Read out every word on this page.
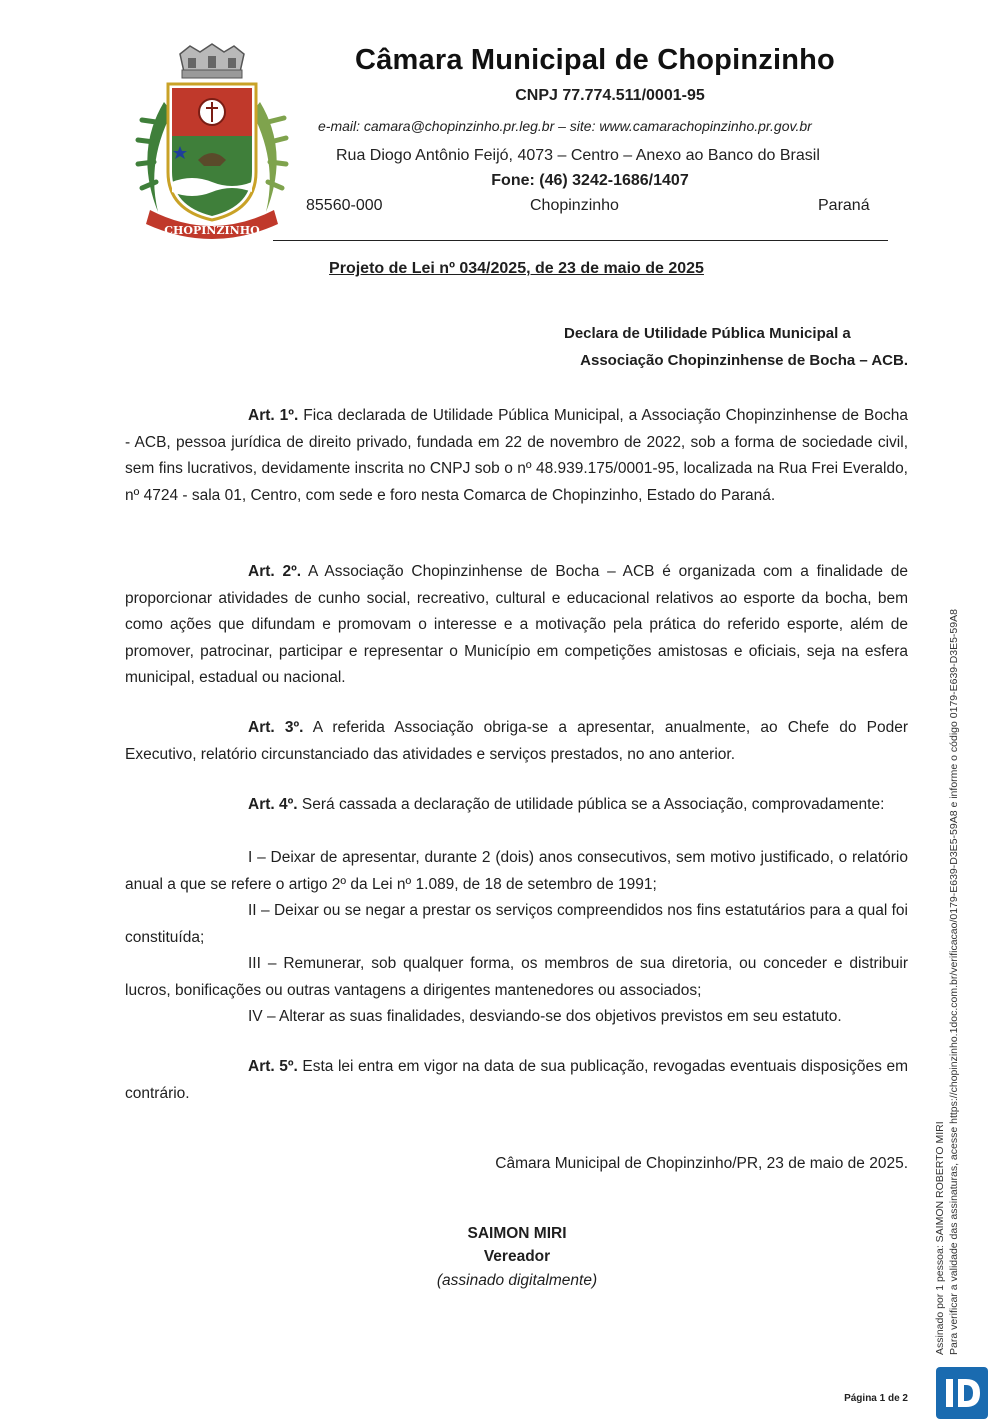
CHOPINZINHO
Câmara Municipal de Chopinzinho
CNPJ 77.774.511/0001-95
e-mail: camara@chopinzinho.pr.leg.br – site: www.camarachopinzinho.pr.gov.br
Rua Diogo Antônio Feijó, 4073 – Centro – Anexo ao Banco do Brasil
Fone: (46) 3242-1686/1407
85560-000	Chopinzinho	Paraná
Projeto de Lei nº 034/2025, de 23 de maio de 2025
Declara de Utilidade Pública Municipal a
Associação Chopinzinhense de Bocha – ACB.

Art. 1º. Fica declarada de Utilidade Pública Municipal, a Associação Chopinzinhense de Bocha - ACB, pessoa jurídica de direito privado, fundada em 22 de novembro de 2022, sob a forma de sociedade civil, sem fins lucrativos, devidamente inscrita no CNPJ sob o nº 48.939.175/0001-95, localizada na Rua Frei Everaldo, nº 4724 - sala 01, Centro, com sede e foro nesta Comarca de Chopinzinho, Estado do Paraná.

Art. 2º. A Associação Chopinzinhense de Bocha – ACB é organizada com a finalidade de proporcionar atividades de cunho social, recreativo, cultural e educacional relativos ao esporte da bocha, bem como ações que difundam e promovam o interesse e a motivação pela prática do referido esporte, além de promover, patrocinar, participar e representar o Município em competições amistosas e oficiais, seja na esfera municipal, estadual ou nacional.

Art. 3º. A referida Associação obriga-se a apresentar, anualmente, ao Chefe do Poder Executivo, relatório circunstanciado das atividades e serviços prestados, no ano anterior.

Art. 4º. Será cassada a declaração de utilidade pública se a Associação, comprovadamente:

I – Deixar de apresentar, durante 2 (dois) anos consecutivos, sem motivo justificado, o relatório anual a que se refere o artigo 2º da Lei nº 1.089, de 18 de setembro de 1991;

II – Deixar ou se negar a prestar os serviços compreendidos nos fins estatutários para a qual foi constituída;

III – Remunerar, sob qualquer forma, os membros de sua diretoria, ou conceder e distribuir lucros, bonificações ou outras vantagens a dirigentes mantenedores ou associados;

IV – Alterar as suas finalidades, desviando-se dos objetivos previstos em seu estatuto.

Art. 5º. Esta lei entra em vigor na data de sua publicação, revogadas eventuais disposições em contrário.

Câmara Municipal de Chopinzinho/PR, 23 de maio de 2025.
SAIMON MIRI
Vereador
(assinado digitalmente)
Página 1 de 2
Assinado por 1 pessoa: SAIMON ROBERTO MIRI Para verificar a validade das assinaturas, acesse https://chopinzinho.1doc.com.br/verificacao/0179-E639-D3E5-59A8 e informe o código 0179-E639-D3E5-59A8
